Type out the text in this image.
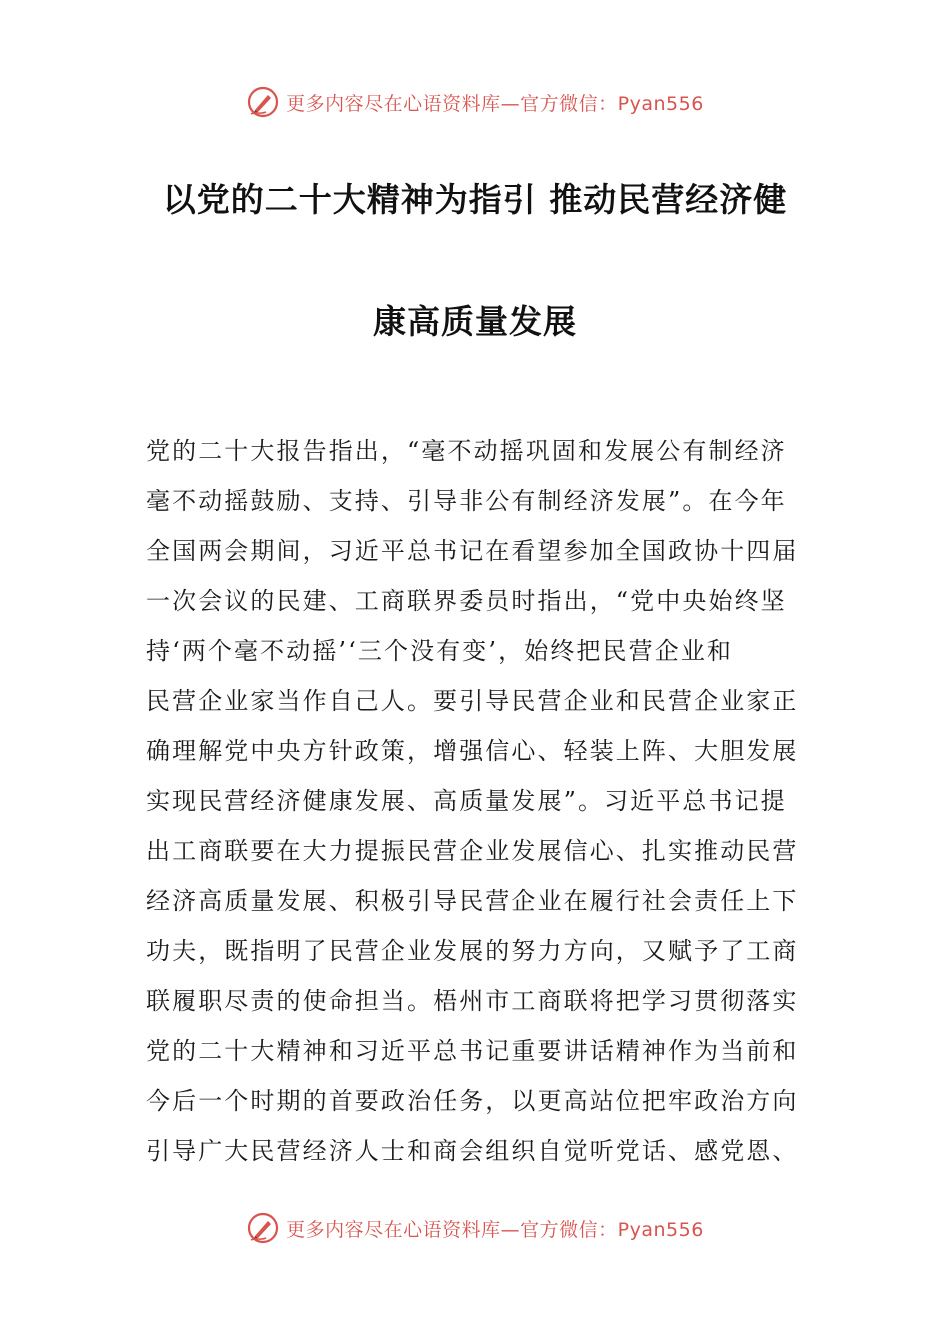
更多内容尽在心语资料库—官方微信：Pyan556
以党的二十大精神为指引 推动民营经济健
康高质量发展
党的二十大报告指出，“毫不动摇巩固和发展公有制经济
毫不动摇鼓励、支持、引导非公有制经济发展”。在今年
全国两会期间，习近平总书记在看望参加全国政协十四届
一次会议的民建、工商联界委员时指出，“党中央始终坚
持‘两个毫不动摇’‘三个没有变’，始终把民营企业和
民营企业家当作自己人。要引导民营企业和民营企业家正
确理解党中央方针政策，增强信心、轻装上阵、大胆发展
实现民营经济健康发展、高质量发展”。习近平总书记提
出工商联要在大力提振民营企业发展信心、扎实推动民营
经济高质量发展、积极引导民营企业在履行社会责任上下
功夫，既指明了民营企业发展的努力方向，又赋予了工商
联履职尽责的使命担当。梧州市工商联将把学习贯彻落实
党的二十大精神和习近平总书记重要讲话精神作为当前和
今后一个时期的首要政治任务，以更高站位把牢政治方向
引导广大民营经济人士和商会组织自觉听党话、感党恩、
更多内容尽在心语资料库—官方微信：Pyan556
